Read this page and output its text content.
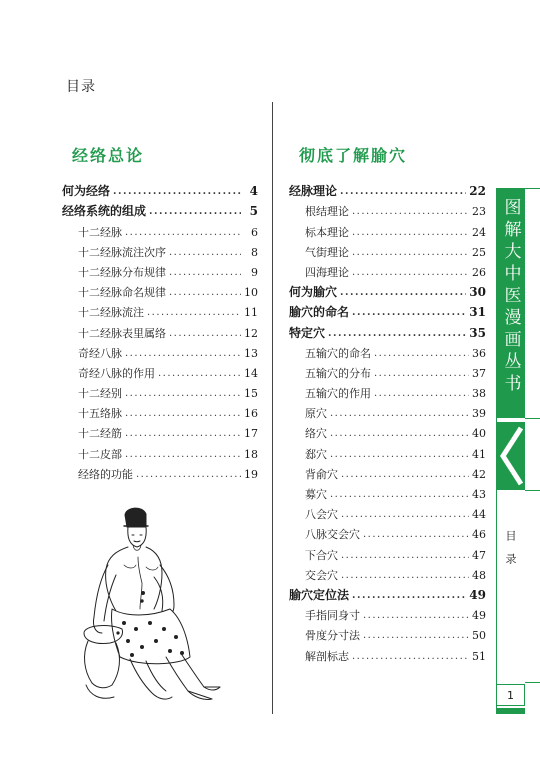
目录
经络总论
何为经络 .....	4
经络系统的组成 .....	5
十二经脉 .....	6
十二经脉流注次序 .....	8
十二经脉分布规律 .....	9
十二经脉命名规律 .....	10
十二经脉流注 .....	11
十二经脉表里属络 .....	12
奇经八脉 .....	13
奇经八脉的作用 .....	14
十二经别 .....	15
十五络脉 .....	16
十二经筋 .....	17
十二皮部 .....	18
经络的功能 .....	19
彻底了解腧穴
经脉理论 .....	22
根结理论 .....	23
标本理论 .....	24
气街理论 .....	25
四海理论 .....	26
何为腧穴 .....	30
腧穴的命名 .....	31
特定穴 .....	35
五输穴的命名 .....	36
五输穴的分布 .....	37
五输穴的作用 .....	38
原穴 .....	39
络穴 .....	40
郄穴 .....	41
背俞穴 .....	42
募穴 .....	43
八会穴 .....	44
八脉交会穴 .....	46
下合穴 .....	47
交会穴 .....	48
腧穴定位法 .....	49
手指同身寸 .....	49
骨度分寸法 .....	50
解剖标志 .....	51
图解大中医漫画丛书
目录
1
